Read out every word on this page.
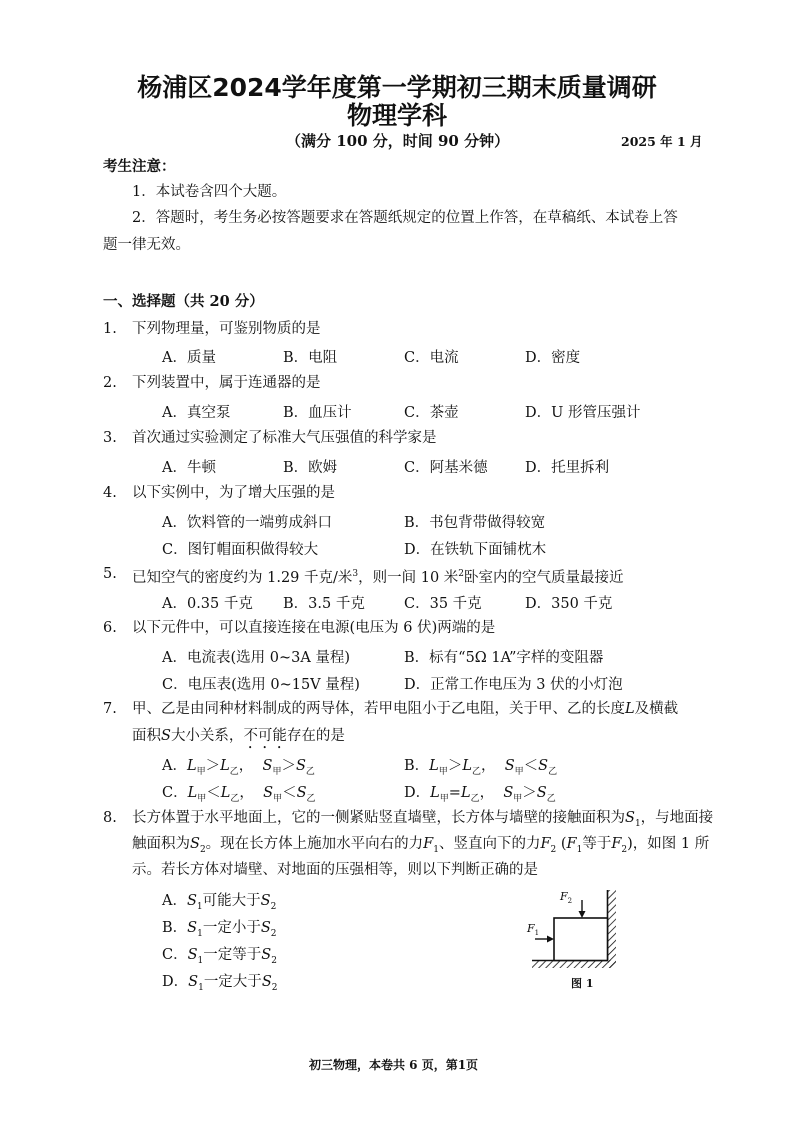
杨浦区2024学年度第一学期初三期末质量调研
物理学科
（满分 100 分，时间 90 分钟）	2025 年 1 月
考生注意：
1．本试卷含四个大题。
2．答题时，考生务必按答题要求在答题纸规定的位置上作答，在草稿纸、本试卷上答
题一律无效。
一、选择题（共 20 分）
1. 下列物理量，可鉴别物质的是
A．质量	B．电阻	C．电流	D．密度
2. 下列装置中，属于连通器的是
A．真空泵	B．血压计	C．茶壶	D．U 形管压强计
3. 首次通过实验测定了标准大气压强值的科学家是
A．牛顿	B．欧姆	C．阿基米德	D．托里拆利
4. 以下实例中，为了增大压强的是
A．饮料管的一端剪成斜口	B．书包背带做得较宽
C．图钉帽面积做得较大	D．在铁轨下面铺枕木
5. 已知空气的密度约为 1.29 千克/米$^3$，则一间 10 米$^2$卧室内的空气质量最接近
A．0.35 千克 B．3.5 千克	C．35 千克	D．350 千克
6. 以下元件中，可以直接连接在电源(电压为 6 伏)两端的是
A．电流表(选用 0~3A 量程)	B．标有“5Ω 1A”字样的变阻器
C．电压表(选用 0~15V 量程)	D．正常工作电压为 3 伏的小灯泡
7. 甲、乙是由同种材料制成的两导体，若甲电阻小于乙电阻，关于甲、乙的长度L及横截
面积S大小关系，不可能存在的是
A．$L_甲>L_乙$， $S_甲>S_乙$	B．$L_甲>L_乙$， $S_甲<S_乙$
C．$L_甲<L_乙$， $S_甲<S_乙$	D．$L_甲=L_乙$， $S_甲>S_乙$
8. 长方体置于水平地面上，它的一侧紧贴竖直墙壁，长方体与墙壁的接触面积为$S_1$，与地面接
触面积为$S_2$。现在长方体上施加水平向右的力$F_1$、竖直向下的力$F_2$ ($F_1$等于$F_2$)，如图 1 所
示。若长方体对墙壁、对地面的压强相等，则以下判断正确的是
A．$S_1$可能大于$S_2$
B．$S_1$一定小于$S_2$
C．$S_1$一定等于$S_2$
D．$S_1$一定大于$S_2$
$F_2$
$F_1$
图 1
初三物理，本卷共 6 页，第1页
